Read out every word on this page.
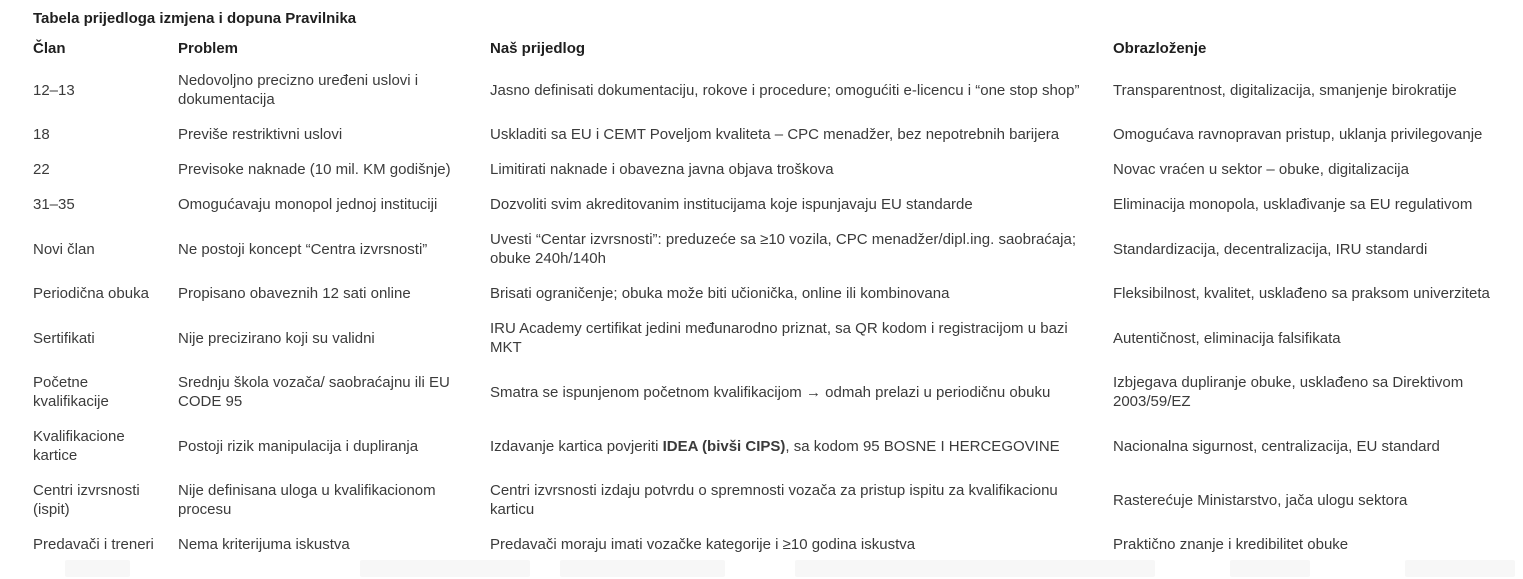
Tabela prijedloga izmjena i dopuna Pravilnika
Član	Problem	Naš prijedlog	Obrazloženje
12–13	Nedovoljno precizno uređeni uslovi i dokumentacija	Jasno definisati dokumentaciju, rokove i procedure; omogućiti e-licencu i “one stop shop”	Transparentnost, digitalizacija, smanjenje birokratije
18	Previše restriktivni uslovi	Uskladiti sa EU i CEMT Poveljom kvaliteta – CPC menadžer, bez nepotrebnih barijera	Omogućava ravnopravan pristup, uklanja privilegovanje
22	Previsoke naknade (10 mil. KM godišnje)	Limitirati naknade i obavezna javna objava troškova	Novac vraćen u sektor – obuke, digitalizacija
31–35	Omogućavaju monopol jednoj instituciji	Dozvoliti svim akreditovanim institucijama koje ispunjavaju EU standarde	Eliminacija monopola, usklađivanje sa EU regulativom
Novi član	Ne postoji koncept “Centra izvrsnosti”	Uvesti “Centar izvrsnosti”: preduzeće sa ≥10 vozila, CPC menadžer/dipl.ing. saobraćaja; obuke 240h/140h	Standardizacija, decentralizacija, IRU standardi
Periodična obuka	Propisano obaveznih 12 sati online	Brisati ograničenje; obuka može biti učionička, online ili kombinovana	Fleksibilnost, kvalitet, usklađeno sa praksom univerziteta
Sertifikati	Nije precizirano koji su validni	IRU Academy certifikat jedini međunarodno priznat, sa QR kodom i registracijom u bazi MKT	Autentičnost, eliminacija falsifikata
Početne kvalifikacije	Srednju škola vozača/ saobraćajnu ili EU CODE 95	Smatra se ispunjenom početnom kvalifikacijom → odmah prelazi u periodičnu obuku	Izbjegava dupliranje obuke, usklađeno sa Direktivom 2003/59/EZ
Kvalifikacione kartice	Postoji rizik manipulacija i dupliranja	Izdavanje kartica povjeriti IDEA (bivši CIPS), sa kodom 95 BOSNE I HERCEGOVINE	Nacionalna sigurnost, centralizacija, EU standard
Centri izvrsnosti (ispit)	Nije definisana uloga u kvalifikacionom procesu	Centri izvrsnosti izdaju potvrdu o spremnosti vozača za pristup ispitu za kvalifikacionu karticu	Rasterećuje Ministarstvo, jača ulogu sektora
Predavači i treneri	Nema kriterijuma iskustva	Predavači moraju imati vozačke kategorije i ≥10 godina iskustva	Praktično znanje i kredibilitet obuke
